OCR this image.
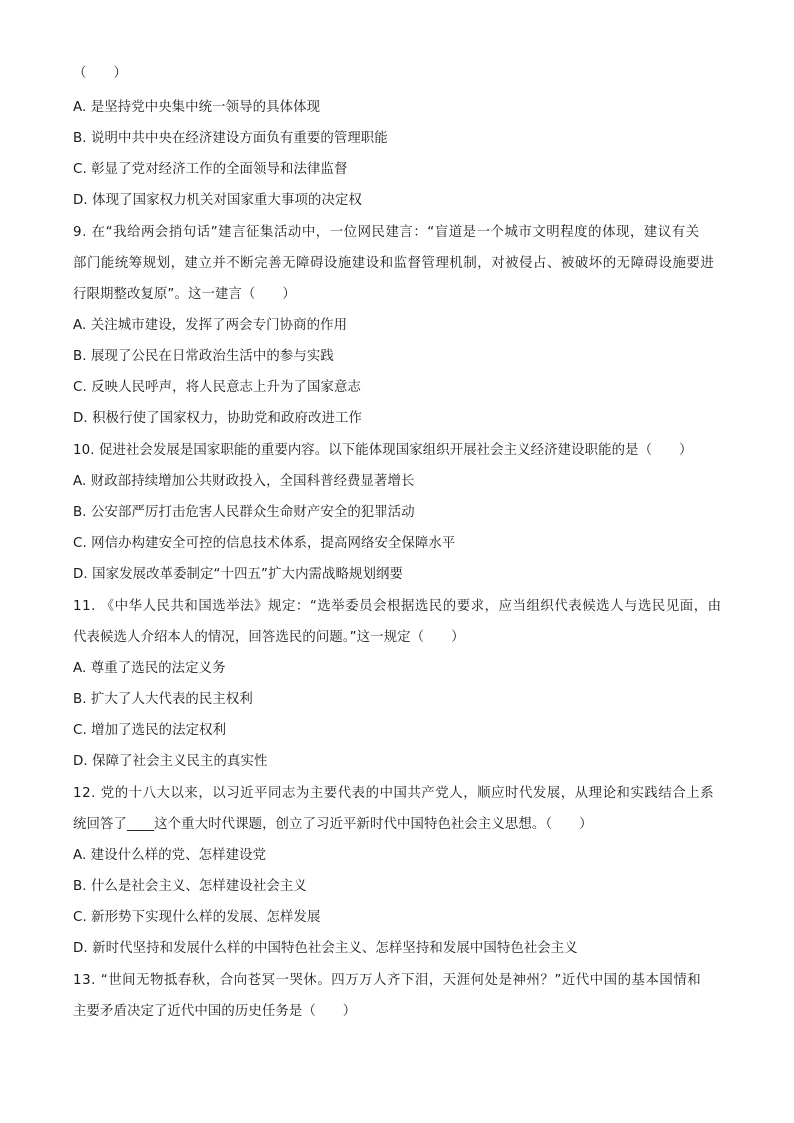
（　　）
A. 是坚持党中央集中统一领导的具体体现
B. 说明中共中央在经济建设方面负有重要的管理职能
C. 彰显了党对经济工作的全面领导和法律监督
D. 体现了国家权力机关对国家重大事项的决定权
9. 在“我给两会捎句话”建言征集活动中，一位网民建言：“盲道是一个城市文明程度的体现，建议有关
部门能统筹规划，建立并不断完善无障碍设施建设和监督管理机制，对被侵占、被破坏的无障碍设施要进
行限期整改复原”。这一建言（　　）
A. 关注城市建设，发挥了两会专门协商的作用
B. 展现了公民在日常政治生活中的参与实践
C. 反映人民呼声，将人民意志上升为了国家意志
D. 积极行使了国家权力，协助党和政府改进工作
10. 促进社会发展是国家职能的重要内容。以下能体现国家组织开展社会主义经济建设职能的是（　　）
A. 财政部持续增加公共财政投入，全国科普经费显著增长
B. 公安部严厉打击危害人民群众生命财产安全的犯罪活动
C. 网信办构建安全可控的信息技术体系，提高网络安全保障水平
D. 国家发展改革委制定“十四五”扩大内需战略规划纲要
11. 《中华人民共和国选举法》规定：“选举委员会根据选民的要求，应当组织代表候选人与选民见面，由
代表候选人介绍本人的情况，回答选民的问题。”这一规定（　　）
A. 尊重了选民的法定义务
B. 扩大了人大代表的民主权利
C. 增加了选民的法定权利
D. 保障了社会主义民主的真实性
12. 党的十八大以来，以习近平同志为主要代表的中国共产党人，顺应时代发展，从理论和实践结合上系
统回答了____这个重大时代课题，创立了习近平新时代中国特色社会主义思想。（　　）
A. 建设什么样的党、怎样建设党
B. 什么是社会主义、怎样建设社会主义
C. 新形势下实现什么样的发展、怎样发展
D. 新时代坚持和发展什么样的中国特色社会主义、怎样坚持和发展中国特色社会主义
13. “世间无物抵春秋，合向苍冥一哭休。四万万人齐下泪，天涯何处是神州？”近代中国的基本国情和
主要矛盾决定了近代中国的历史任务是（　　）
